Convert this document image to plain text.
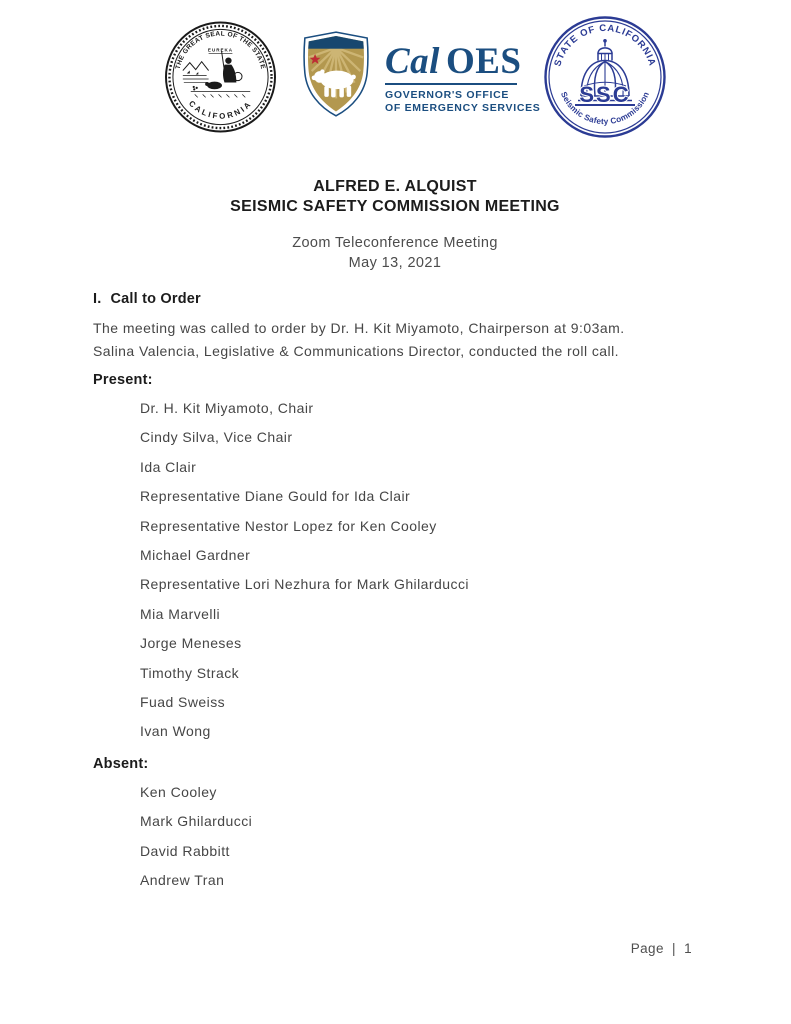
THE GREAT SEAL OF THE STATE
CALIFORNIA
EUREKA	Cal OES
GOVERNOR'S OFFICE
OF EMERGENCY SERVICES
STATE OF CALIFORNIA
Seismic Safety Commission
SSC
ALFRED E. ALQUIST
SEISMIC SAFETY COMMISSION MEETING
Zoom Teleconference Meeting
May 13, 2021
I. Call to Order
The meeting was called to order by Dr. H. Kit Miyamoto, Chairperson at 9:03am.
Salina Valencia, Legislative & Communications Director, conducted the roll call.
Present:
Dr. H. Kit Miyamoto, Chair
Cindy Silva, Vice Chair
Ida Clair
Representative Diane Gould for Ida Clair
Representative Nestor Lopez for Ken Cooley
Michael Gardner
Representative Lori Nezhura for Mark Ghilarducci
Mia Marvelli
Jorge Meneses
Timothy Strack
Fuad Sweiss
Ivan Wong
Absent:
Ken Cooley
Mark Ghilarducci
David Rabbitt
Andrew Tran
Page | 1
